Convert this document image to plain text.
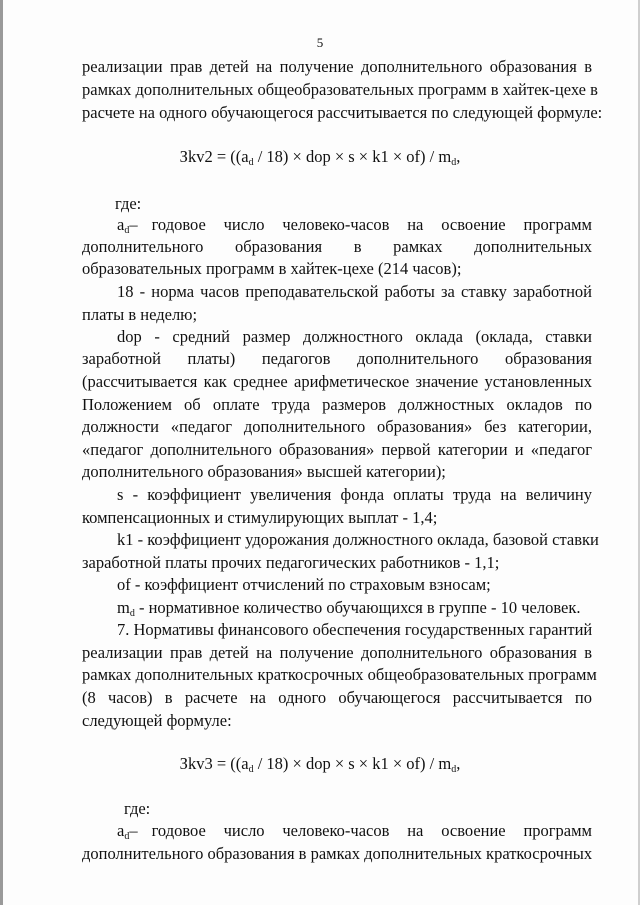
5
реализации прав детей на получение дополнительного образования в
рамках дополнительных общеобразовательных программ в хайтек-цехе в
расчете на одного обучающегося рассчитывается по следующей формуле:
$Зkv2 = ((a_d / 18)$ × dop × $s \times k1 \times of) / m_d$,
где:
$a_d$ – годовое число человеко-часов на освоение программ
дополнительного образования в рамках дополнительных
образовательных программ в хайтек-цехе (214 часов);
18 - норма часов преподавательской работы за ставку заработной
платы в неделю;
dop - средний размер должностного оклада (оклада, ставки
заработной платы) педагогов дополнительного образования
(рассчитывается как среднее арифметическое значение установленных
Положением об оплате труда размеров должностных окладов по
должности «педагог дополнительного образования» без категории,
«педагог дополнительного образования» первой категории и «педагог
дополнительного образования» высшей категории);
s - коэффициент увеличения фонда оплаты труда на величину
компенсационных и стимулирующих выплат - 1,4;
k1 - коэффициент удорожания должностного оклада, базовой ставки
заработной платы прочих педагогических работников - 1,1;
of - коэффициент отчислений по страховым взносам;
$m_d$ - нормативное количество обучающихся в группе - 10 человек.
7. Нормативы финансового обеспечения государственных гарантий
реализации прав детей на получение дополнительного образования в
рамках дополнительных краткосрочных общеобразовательных программ
(8 часов) в расчете на одного обучающегося рассчитывается по
следующей формуле:
$Зkv3 = ((a_d / 18)$ × dop × $s \times k1 \times of) / m_d$,
где:
$a_d$ – годовое число человеко-часов на освоение программ
дополнительного образования в рамках дополнительных краткосрочных
